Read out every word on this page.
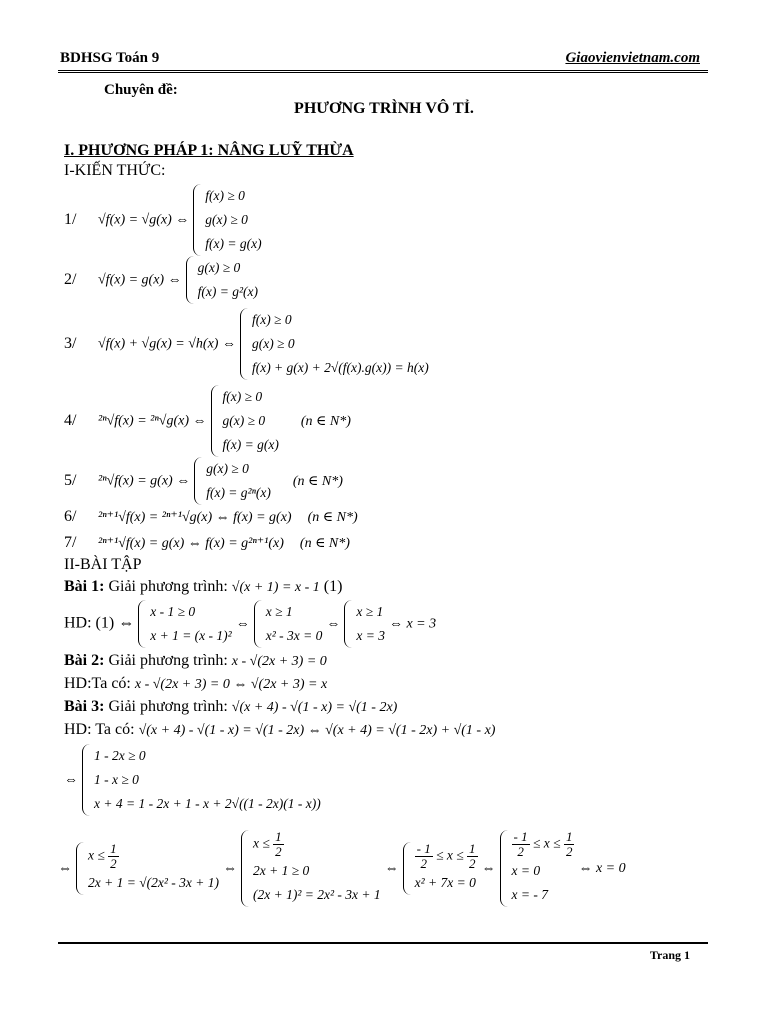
BDHSG Toán 9	Giaovienvietnam.com
Chuyên đề:
PHƯƠNG TRÌNH VÔ TỈ.
I. PHƯƠNG PHÁP 1: NÂNG LUỸ THỪA
I-KIẾN THỨC:
1/ √f(x) = √g(x) ⇔
f(x) ≥ 0
g(x) ≥ 0
f(x) = g(x)
2/ √f(x) = g(x) ⇔
g(x) ≥ 0
f(x) = g²(x)
3/ √f(x) + √g(x) = √h(x) ⇔
f(x) ≥ 0
g(x) ≥ 0
f(x) + g(x) + 2√(f(x).g(x)) = h(x)
4/ ²ⁿ√f(x) = ²ⁿ√g(x) ⇔
f(x) ≥ 0
g(x) ≥ 0
f(x) = g(x)
(n ∈ N*)
5/ ²ⁿ√f(x) = g(x) ⇔
g(x) ≥ 0
f(x) = g²ⁿ(x)
(n ∈ N*)
6/ ²ⁿ⁺¹√f(x) = ²ⁿ⁺¹√g(x) ⇔ f(x) = g(x) (n ∈ N*)
7/ ²ⁿ⁺¹√f(x) = g(x) ⇔ f(x) = g²ⁿ⁺¹(x) (n ∈ N*)
II-BÀI TẬP
Bài 1: Giải phương trình: √(x + 1) = x - 1 (1)
HD: (1) ⇔
x - 1 ≥ 0
x + 1 = (x - 1)²
⇔
x ≥ 1
x² - 3x = 0
⇔
x ≥ 1
x = 3
⇔ x = 3
Bài 2: Giải phương trình: x - √(2x + 3) = 0
HD:Ta có: x - √(2x + 3) = 0 ⇔ √(2x + 3) = x
Bài 3: Giải phương trình: √(x + 4) - √(1 - x) = √(1 - 2x)
HD: Ta có: √(x + 4) - √(1 - x) = √(1 - 2x) ⇔ √(x + 4) = √(1 - 2x) + √(1 - x)
⇔
1 - 2x ≥ 0
1 - x ≥ 0
x + 4 = 1 - 2x + 1 - x + 2√((1 - 2x)(1 - x))
⇔
$x \le \frac{1}{2}$
2x + 1 = √(2x² - 3x + 1)
⇔
$x \le \frac{1}{2}$
2x + 1 ≥ 0
(2x + 1)² = 2x² - 3x + 1
⇔ $\frac{- 1}{2} \le x \le \frac{1}{2}$
x² + 7x = 0
⇔
$\frac{- 1}{2} \le x \le \frac{1}{2}$
x = 0
x = - 7
⇔ x = 0
Trang 1
